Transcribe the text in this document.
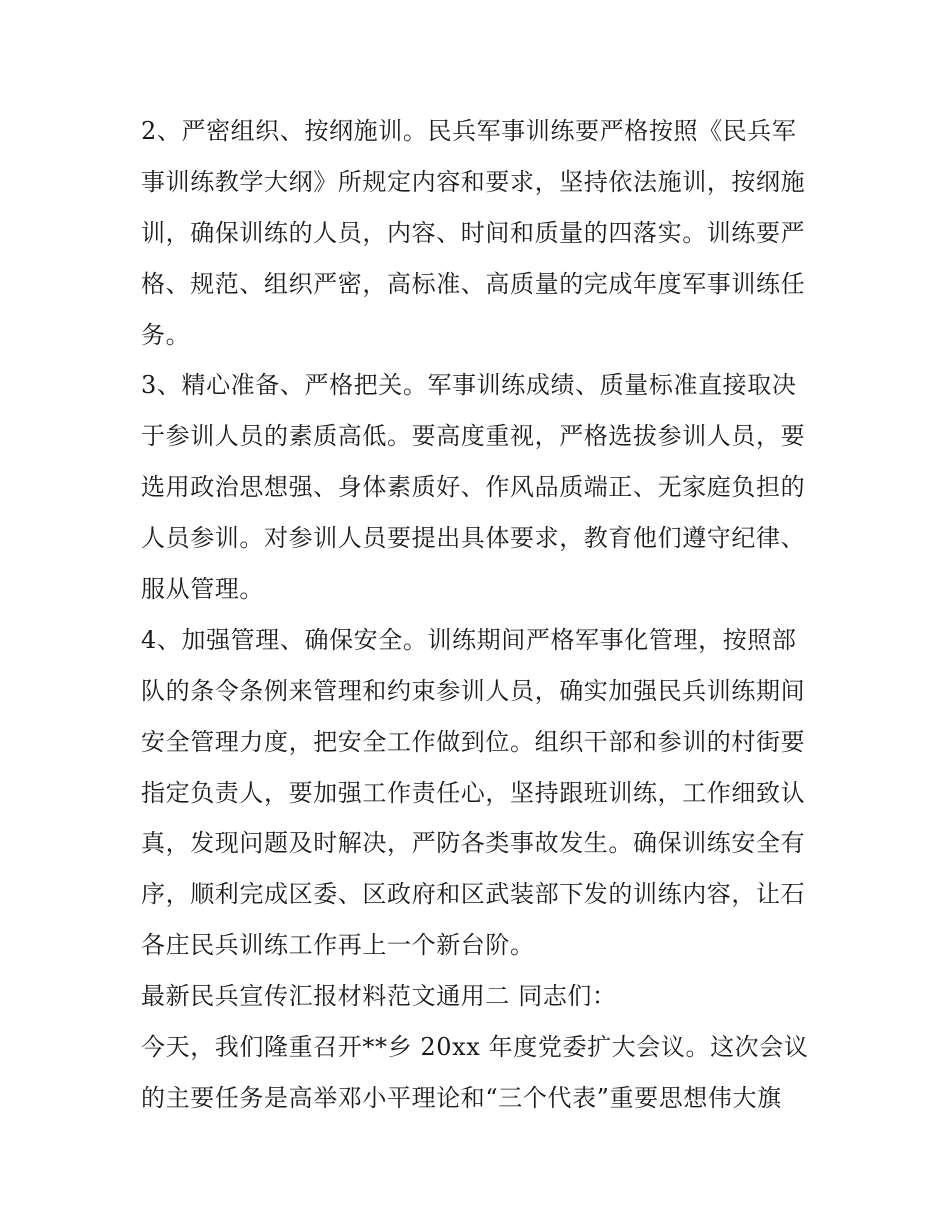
2、严密组织、按纲施训。民兵军事训练要严格按照《民兵军
事训练教学大纲》所规定内容和要求，坚持依法施训，按纲施
训，确保训练的人员，内容、时间和质量的四落实。训练要严
格、规范、组织严密，高标准、高质量的完成年度军事训练任
务。
3、精心准备、严格把关。军事训练成绩、质量标准直接取决
于参训人员的素质高低。要高度重视，严格选拔参训人员，要
选用政治思想强、身体素质好、作风品质端正、无家庭负担的
人员参训。对参训人员要提出具体要求，教育他们遵守纪律、
服从管理。
4、加强管理、确保安全。训练期间严格军事化管理，按照部
队的条令条例来管理和约束参训人员，确实加强民兵训练期间
安全管理力度，把安全工作做到位。组织干部和参训的村街要
指定负责人，要加强工作责任心，坚持跟班训练，工作细致认
真，发现问题及时解决，严防各类事故发生。确保训练安全有
序，顺利完成区委、区政府和区武装部下发的训练内容，让石
各庄民兵训练工作再上一个新台阶。
最新民兵宣传汇报材料范文通用二 同志们：
今天，我们隆重召开**乡 20xx 年度党委扩大会议。这次会议
的主要任务是高举邓小平理论和“三个代表”重要思想伟大旗
